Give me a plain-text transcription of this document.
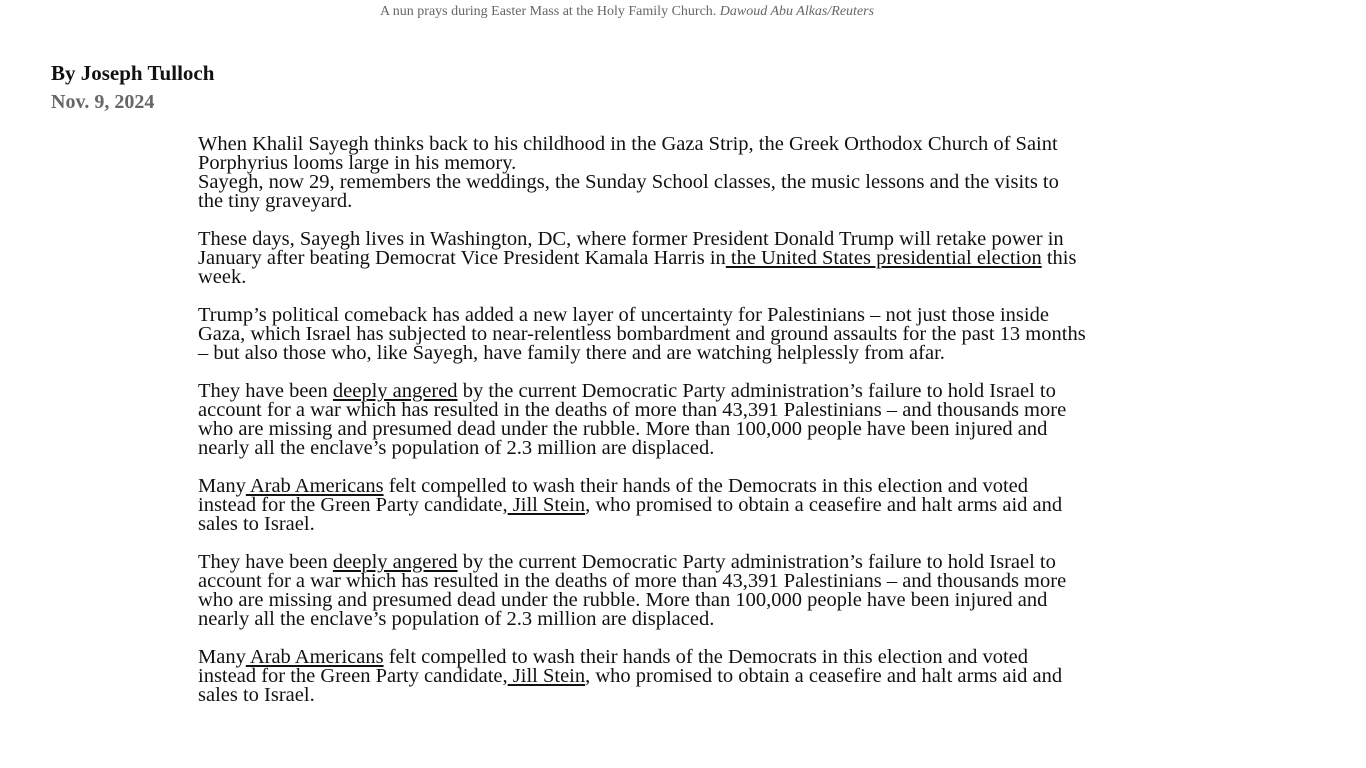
A nun prays during Easter Mass at the Holy Family Church. Dawoud Abu Alkas/Reuters
By Joseph Tulloch
Nov. 9, 2024

When Khalil Sayegh thinks back to his childhood in the Gaza Strip, the Greek Orthodox Church of Saint Porphyrius looms large in his memory.

Sayegh, now 29, remembers the weddings, the Sunday School classes, the music lessons and the visits to the tiny graveyard.

These days, Sayegh lives in Washington, DC, where former President Donald Trump will retake power in January after beating Democrat Vice President Kamala Harris in the United States presidential election this week.

Trump’s political comeback has added a new layer of uncertainty for Palestinians – not just those inside Gaza, which Israel has subjected to near-relentless bombardment and ground assaults for the past 13 months – but also those who, like Sayegh, have family there and are watching helplessly from afar.

They have been deeply angered by the current Democratic Party administration’s failure to hold Israel to account for a war which has resulted in the deaths of more than 43,391 Palestinians – and thousands more who are missing and presumed dead under the rubble. More than 100,000 people have been injured and nearly all the enclave’s population of 2.3 million are displaced.

Many Arab Americans felt compelled to wash their hands of the Democrats in this election and voted instead for the Green Party candidate, Jill Stein, who promised to obtain a ceasefire and halt arms aid and sales to Israel.

They have been deeply angered by the current Democratic Party administration’s failure to hold Israel to account for a war which has resulted in the deaths of more than 43,391 Palestinians – and thousands more who are missing and presumed dead under the rubble. More than 100,000 people have been injured and nearly all the enclave’s population of 2.3 million are displaced.

Many Arab Americans felt compelled to wash their hands of the Democrats in this election and voted instead for the Green Party candidate, Jill Stein, who promised to obtain a ceasefire and halt arms aid and sales to Israel.
